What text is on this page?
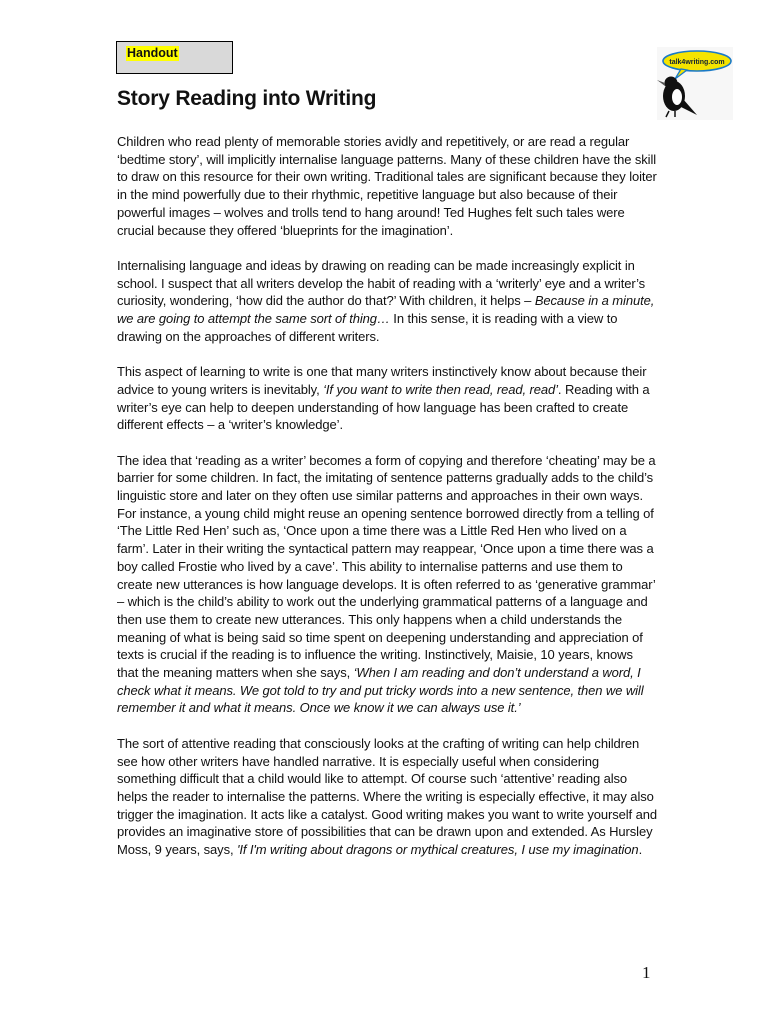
Handout
talk4writing.com
Story Reading into Writing

Children who read plenty of memorable stories avidly and repetitively, or are read a regular ‘bedtime story’, will implicitly internalise language patterns. Many of these children have the skill to draw on this resource for their own writing. Traditional tales are significant because they loiter in the mind powerfully due to their rhythmic, repetitive language but also because of their powerful images – wolves and trolls tend to hang around! Ted Hughes felt such tales were crucial because they offered ‘blueprints for the imagination’.

Internalising language and ideas by drawing on reading can be made increasingly explicit in school. I suspect that all writers develop the habit of reading with a ‘writerly’ eye and a writer’s curiosity, wondering, ‘how did the author do that?’ With children, it helps – Because in a minute, we are going to attempt the same sort of thing… In this sense, it is reading with a view to drawing on the approaches of different writers.

This aspect of learning to write is one that many writers instinctively know about because their advice to young writers is inevitably, ‘If you want to write then read, read, read’. Reading with a writer’s eye can help to deepen understanding of how language has been crafted to create different effects – a ‘writer’s knowledge’.

The idea that ‘reading as a writer’ becomes a form of copying and therefore ‘cheating’ may be a barrier for some children. In fact, the imitating of sentence patterns gradually adds to the child’s linguistic store and later on they often use similar patterns and approaches in their own ways. For instance, a young child might reuse an opening sentence borrowed directly from a telling of ‘The Little Red Hen’ such as, ‘Once upon a time there was a Little Red Hen who lived on a farm’. Later in their writing the syntactical pattern may reappear, ‘Once upon a time there was a boy called Frostie who lived by a cave’. This ability to internalise patterns and use them to create new utterances is how language develops. It is often referred to as ‘generative grammar’ – which is the child’s ability to work out the underlying grammatical patterns of a language and then use them to create new utterances. This only happens when a child understands the meaning of what is being said so time spent on deepening understanding and appreciation of texts is crucial if the reading is to influence the writing. Instinctively, Maisie, 10 years, knows that the meaning matters when she says, ‘When I am reading and don’t understand a word, I check what it means. We got told to try and put tricky words into a new sentence, then we will remember it and what it means. Once we know it we can always use it.’

The sort of attentive reading that consciously looks at the crafting of writing can help children see how other writers have handled narrative. It is especially useful when considering something difficult that a child would like to attempt. Of course such ‘attentive’ reading also helps the reader to internalise the patterns. Where the writing is especially effective, it may also trigger the imagination. It acts like a catalyst. Good writing makes you want to write yourself and provides an imaginative store of possibilities that can be drawn upon and extended. As Hursley Moss, 9 years, says, 'If I'm writing about dragons or mythical creatures, I use my imagination.

1
